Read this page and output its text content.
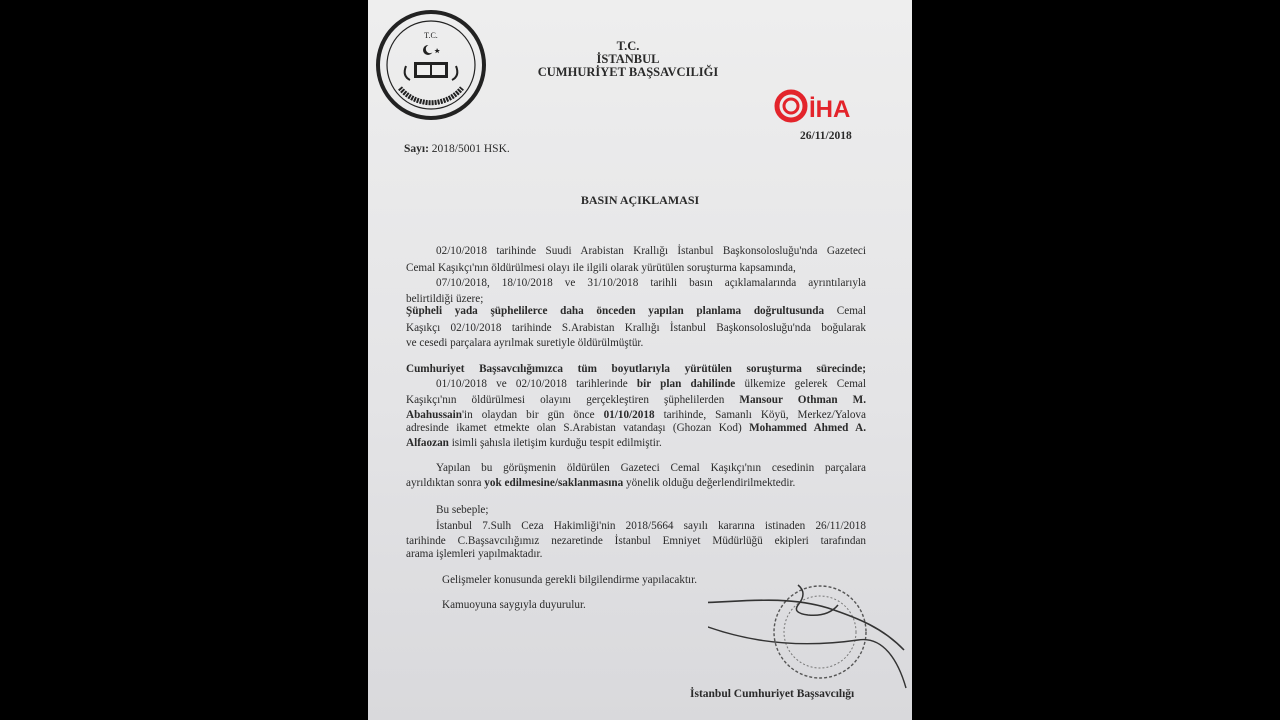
T.C.
T.C.
İSTANBUL
CUMHURİYET BAŞSAVCILIĞI
İHA
26/11/2018
Sayı: 2018/5001 HSK.
BASIN AÇIKLAMASI
02/10/2018 tarihinde Suudi Arabistan Krallığı İstanbul Başkonsolosluğu'nda Gazeteci
Cemal Kaşıkçı'nın öldürülmesi olayı ile ilgili olarak yürütülen soruşturma kapsamında,
07/10/2018, 18/10/2018 ve 31/10/2018 tarihli basın açıklamalarında ayrıntılarıyla
belirtildiği üzere;
Şüpheli yada şüphelilerce daha önceden yapılan planlama doğrultusunda Cemal
Kaşıkçı 02/10/2018 tarihinde S.Arabistan Krallığı İstanbul Başkonsolosluğu'nda boğularak
ve cesedi parçalara ayrılmak suretiyle öldürülmüştür.
Cumhuriyet Başsavcılığımızca tüm boyutlarıyla yürütülen soruşturma sürecinde;
01/10/2018 ve 02/10/2018 tarihlerinde bir plan dahilinde ülkemize gelerek Cemal
Kaşıkçı'nın öldürülmesi olayını gerçekleştiren şüphelilerden Mansour Othman M.
Abahussain'in olaydan bir gün önce 01/10/2018 tarihinde, Samanlı Köyü, Merkez/Yalova
adresinde ikamet etmekte olan S.Arabistan vatandaşı (Ghozan Kod) Mohammed Ahmed A.
Alfaozan isimli şahısla iletişim kurduğu tespit edilmiştir.
Yapılan bu görüşmenin öldürülen Gazeteci Cemal Kaşıkçı'nın cesedinin parçalara
ayrıldıktan sonra yok edilmesine/saklanmasına yönelik olduğu değerlendirilmektedir.
Bu sebeple;
İstanbul 7.Sulh Ceza Hakimliği'nin 2018/5664 sayılı kararına istinaden 26/11/2018
tarihinde C.Başsavcılığımız nezaretinde İstanbul Emniyet Müdürlüğü ekipleri tarafından
arama işlemleri yapılmaktadır.
Gelişmeler konusunda gerekli bilgilendirme yapılacaktır.
Kamuoyuna saygıyla duyurulur.
İstanbul Cumhuriyet Başsavcılığı
